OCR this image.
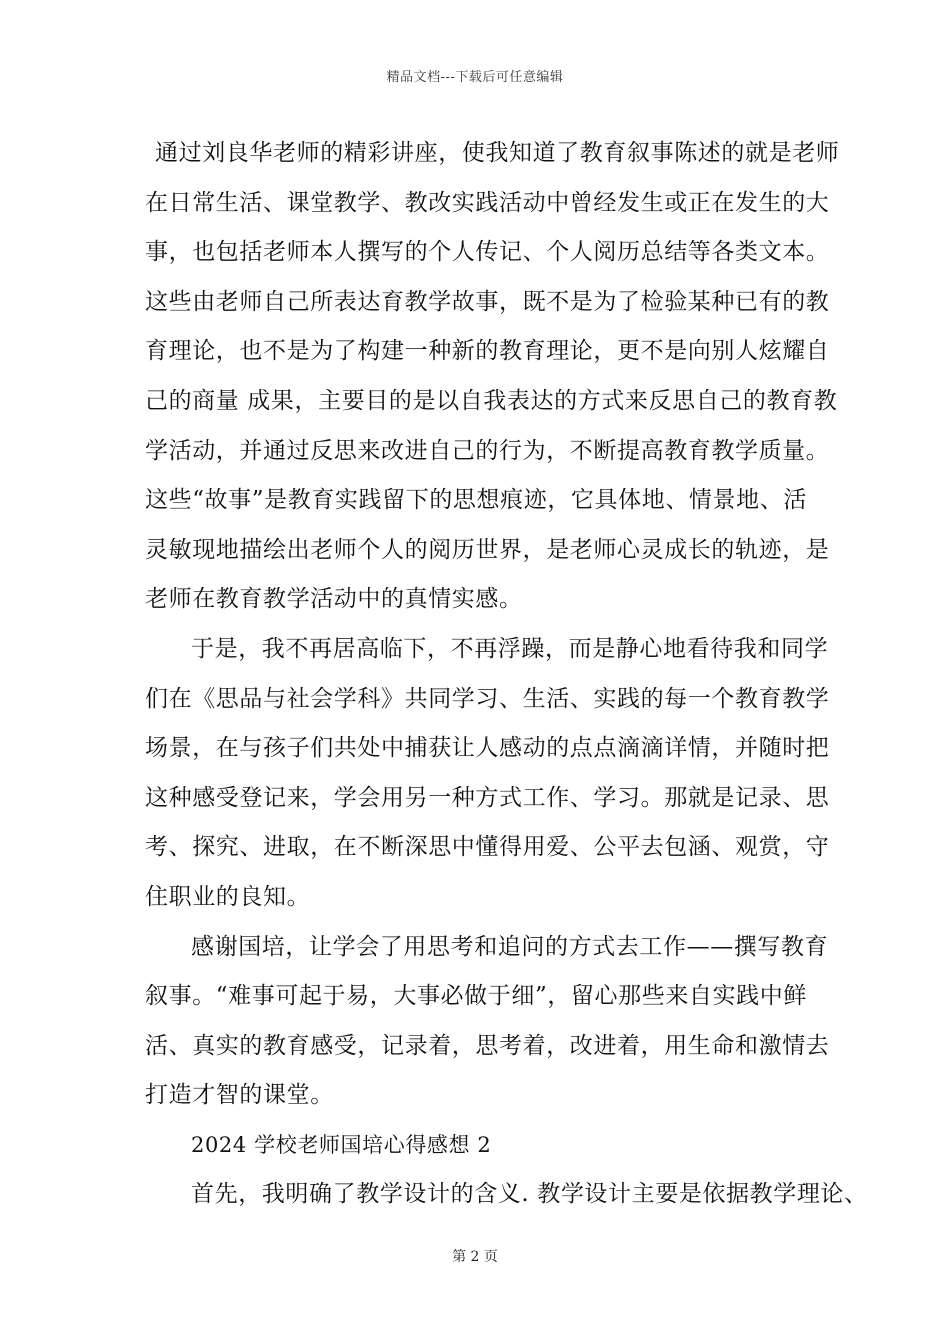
精品文档---下载后可任意编辑
通过刘良华老师的精彩讲座，使我知道了教育叙事陈述的就是老师
在日常生活、课堂教学、教改实践活动中曾经发生或正在发生的大
事，也包括老师本人撰写的个人传记、个人阅历总结等各类文本。
这些由老师自己所表达育教学故事，既不是为了检验某种已有的教
育理论，也不是为了构建一种新的教育理论，更不是向别人炫耀自
己的商量 成果，主要目的是以自我表达的方式来反思自己的教育教
学活动，并通过反思来改进自己的行为，不断提高教育教学质量。
这些“故事”是教育实践留下的思想痕迹，它具体地、情景地、活
灵敏现地描绘出老师个人的阅历世界，是老师心灵成长的轨迹，是
老师在教育教学活动中的真情实感。
于是，我不再居高临下，不再浮躁，而是静心地看待我和同学
们在《思品与社会学科》共同学习、生活、实践的每一个教育教学
场景，在与孩子们共处中捕获让人感动的点点滴滴详情，并随时把
这种感受登记来，学会用另一种方式工作、学习。那就是记录、思
考、探究、进取，在不断深思中懂得用爱、公平去包涵、观赏，守
住职业的良知。
感谢国培，让学会了用思考和追问的方式去工作——撰写教育
叙事。“难事可起于易，大事必做于细”，留心那些来自实践中鲜
活、真实的教育感受，记录着，思考着，改进着，用生命和激情去
打造才智的课堂。
2024 学校老师国培心得感想 2
首先，我明确了教学设计的含义. 教学设计主要是依据教学理论、
第 2 页
